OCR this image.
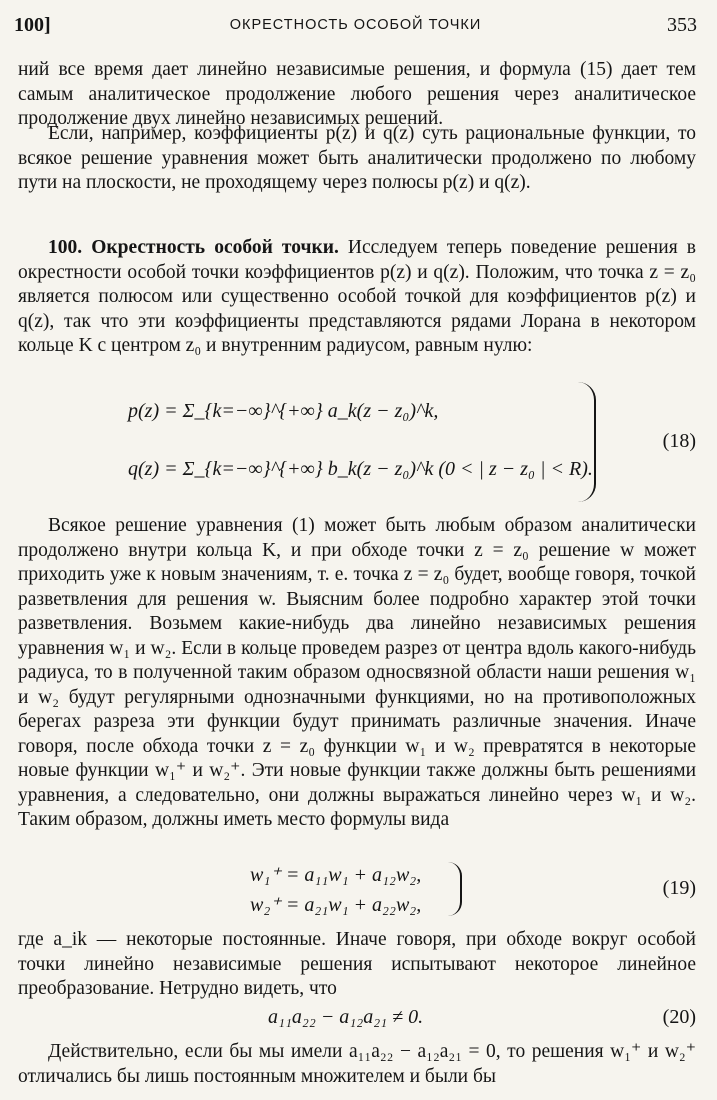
100]	ОКРЕСТНОСТЬ ОСОБОЙ ТОЧКИ	353

ний все время дает линейно независимые решения, и формула (15) дает тем самым аналитическое продолжение любого решения через аналитическое продолжение двух линейно независимых решений.

Если, например, коэффициенты p(z) и q(z) суть рациональные функции, то всякое решение уравнения может быть аналитически продолжено по любому пути на плоскости, не проходящему через полюсы p(z) и q(z).

100. Окрестность особой точки. Исследуем теперь поведение решения в окрестности особой точки коэффициентов p(z) и q(z). Положим, что точка z = z₀ является полюсом или существенно особой точкой для коэффициентов p(z) и q(z), так что эти коэффициенты представляются рядами Лорана в некотором кольце K с центром z₀ и внутренним радиусом, равным нулю:

p(z) = Σ_{k=−∞}^{+∞} a_k(z − z₀)^k,
q(z) = Σ_{k=−∞}^{+∞} b_k(z − z₀)^k (0 < | z − z₀ | < R).
(18)

Всякое решение уравнения (1) может быть любым образом аналитически продолжено внутри кольца K, и при обходе точки z = z₀ решение w может приходить уже к новым значениям, т. е. точка z = z₀ будет, вообще говоря, точкой разветвления для решения w. Выясним более подробно характер этой точки разветвления. Возьмем какие-нибудь два линейно независимых решения уравнения w₁ и w₂. Если в кольце проведем разрез от центра вдоль какого-нибудь радиуса, то в полученной таким образом односвязной области наши решения w₁ и w₂ будут регулярными однозначными функциями, но на противоположных берегах разреза эти функции будут принимать различные значения. Иначе говоря, после обхода точки z = z₀ функции w₁ и w₂ превратятся в некоторые новые функции w₁⁺ и w₂⁺. Эти новые функции также должны быть решениями уравнения, а следовательно, они должны выражаться линейно через w₁ и w₂. Таким образом, должны иметь место формулы вида

w₁⁺ = a₁₁w₁ + a₁₂w₂,
w₂⁺ = a₂₁w₁ + a₂₂w₂,
(19)

где a_ik — некоторые постоянные. Иначе говоря, при обходе вокруг особой точки линейно независимые решения испытывают некоторое линейное преобразование. Нетрудно видеть, что

a₁₁a₂₂ − a₁₂a₂₁ ≠ 0.	(20)

Действительно, если бы мы имели a₁₁a₂₂ − a₁₂a₂₁ = 0, то решения w₁⁺ и w₂⁺ отличались бы лишь постоянным множителем и были бы
